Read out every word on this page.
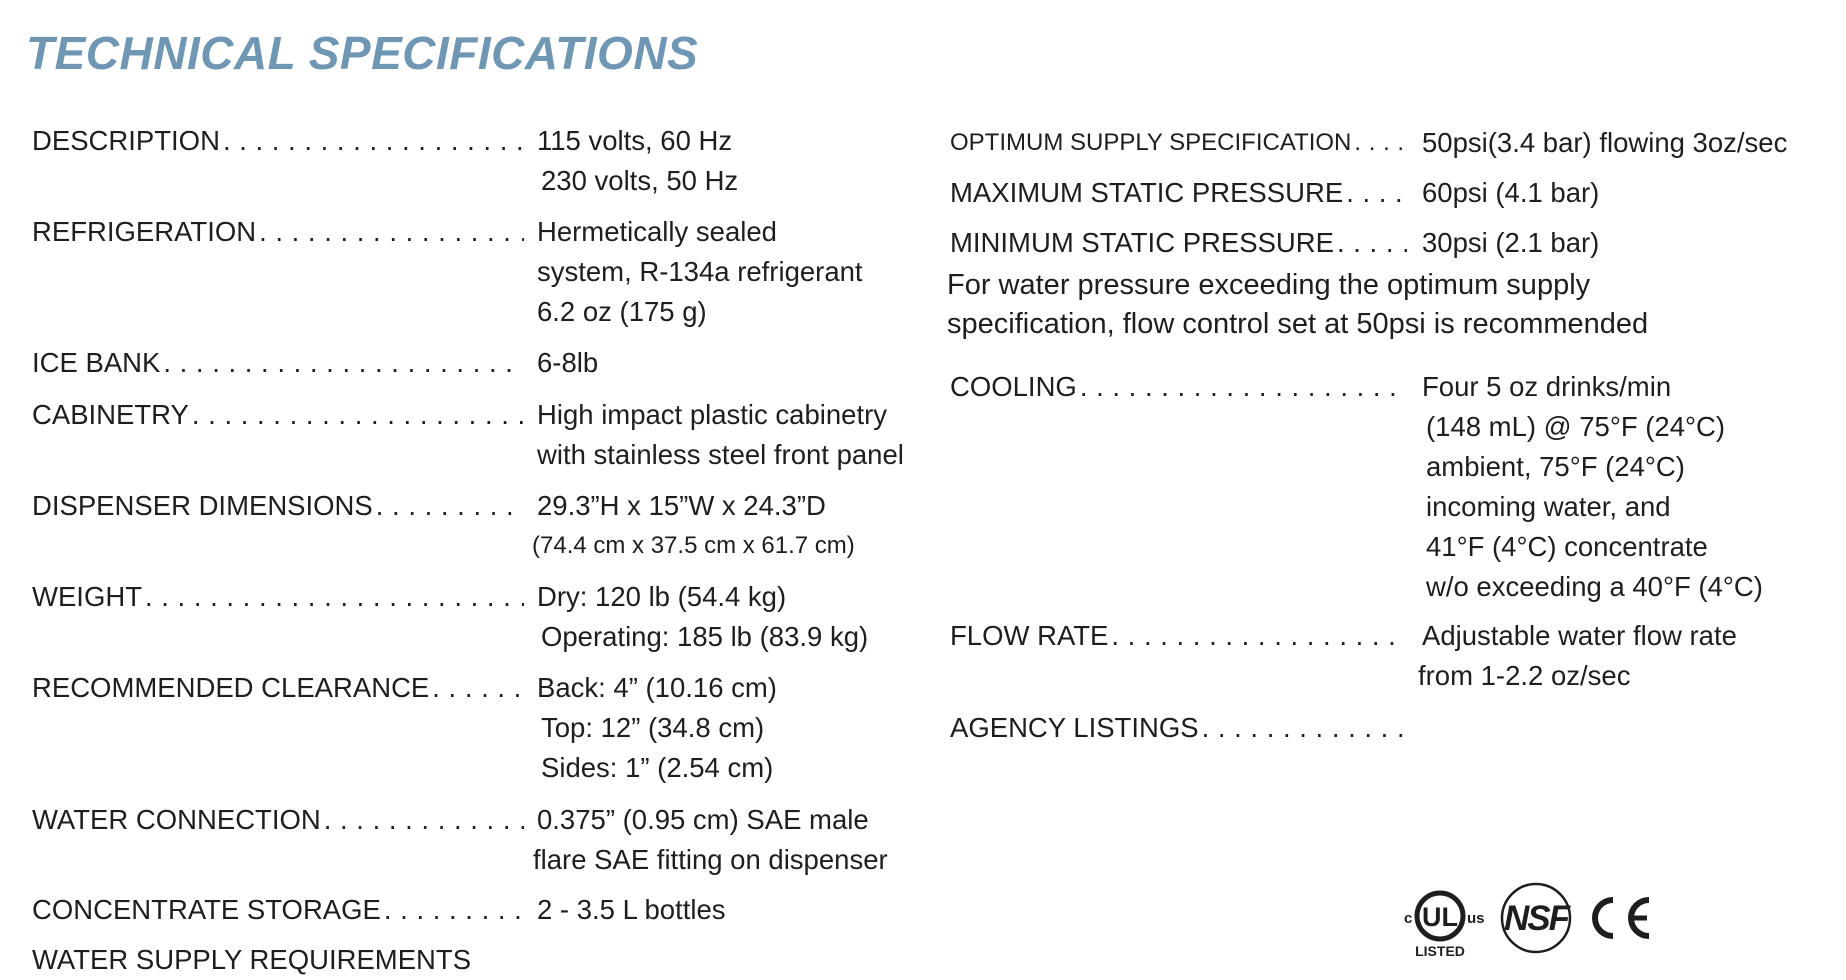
TECHNICAL SPECIFICATIONS
DESCRIPTION . . .	115 volts, 60 Hz
230 volts, 50 Hz
REFRIGERATION . . .	Hermetically sealed
system, R-134a refrigerant
6.2 oz (175 g)
ICE BANK . . .	6-8lb
CABINETRY . . .	High impact plastic cabinetry
with stainless steel front panel
DISPENSER DIMENSIONS . . .	29.3”H x 15”W x 24.3”D
(74.4 cm x 37.5 cm x 61.7 cm)
WEIGHT . . .	Dry: 120 lb (54.4 kg)
Operating: 185 lb (83.9 kg)
RECOMMENDED CLEARANCE . . .	Back: 4” (10.16 cm)
Top: 12” (34.8 cm)
Sides: 1” (2.54 cm)
WATER CONNECTION . . .	0.375” (0.95 cm) SAE male
flare SAE fitting on dispenser
CONCENTRATE STORAGE . . .	2 - 3.5 L bottles
WATER SUPPLY REQUIREMENTS
OPTIMUM SUPPLY SPECIFICATION . . .	50psi(3.4 bar) flowing 3oz/sec
MAXIMUM STATIC PRESSURE . . .	60psi (4.1 bar)
MINIMUM STATIC PRESSURE . . .	30psi (2.1 bar)
For water pressure exceeding the optimum supply
specification, flow control set at 50psi is recommended
COOLING . . .	Four 5 oz drinks/min
(148 mL) @ 75°F (24°C)
ambient, 75°F (24°C)
incoming water, and
41°F (4°C) concentrate
w/o exceeding a 40°F (4°C)
FLOW RATE . . .	Adjustable water flow rate
from 1-2.2 oz/sec
AGENCY LISTINGS
. . .
c UL us
LISTED
NSF
